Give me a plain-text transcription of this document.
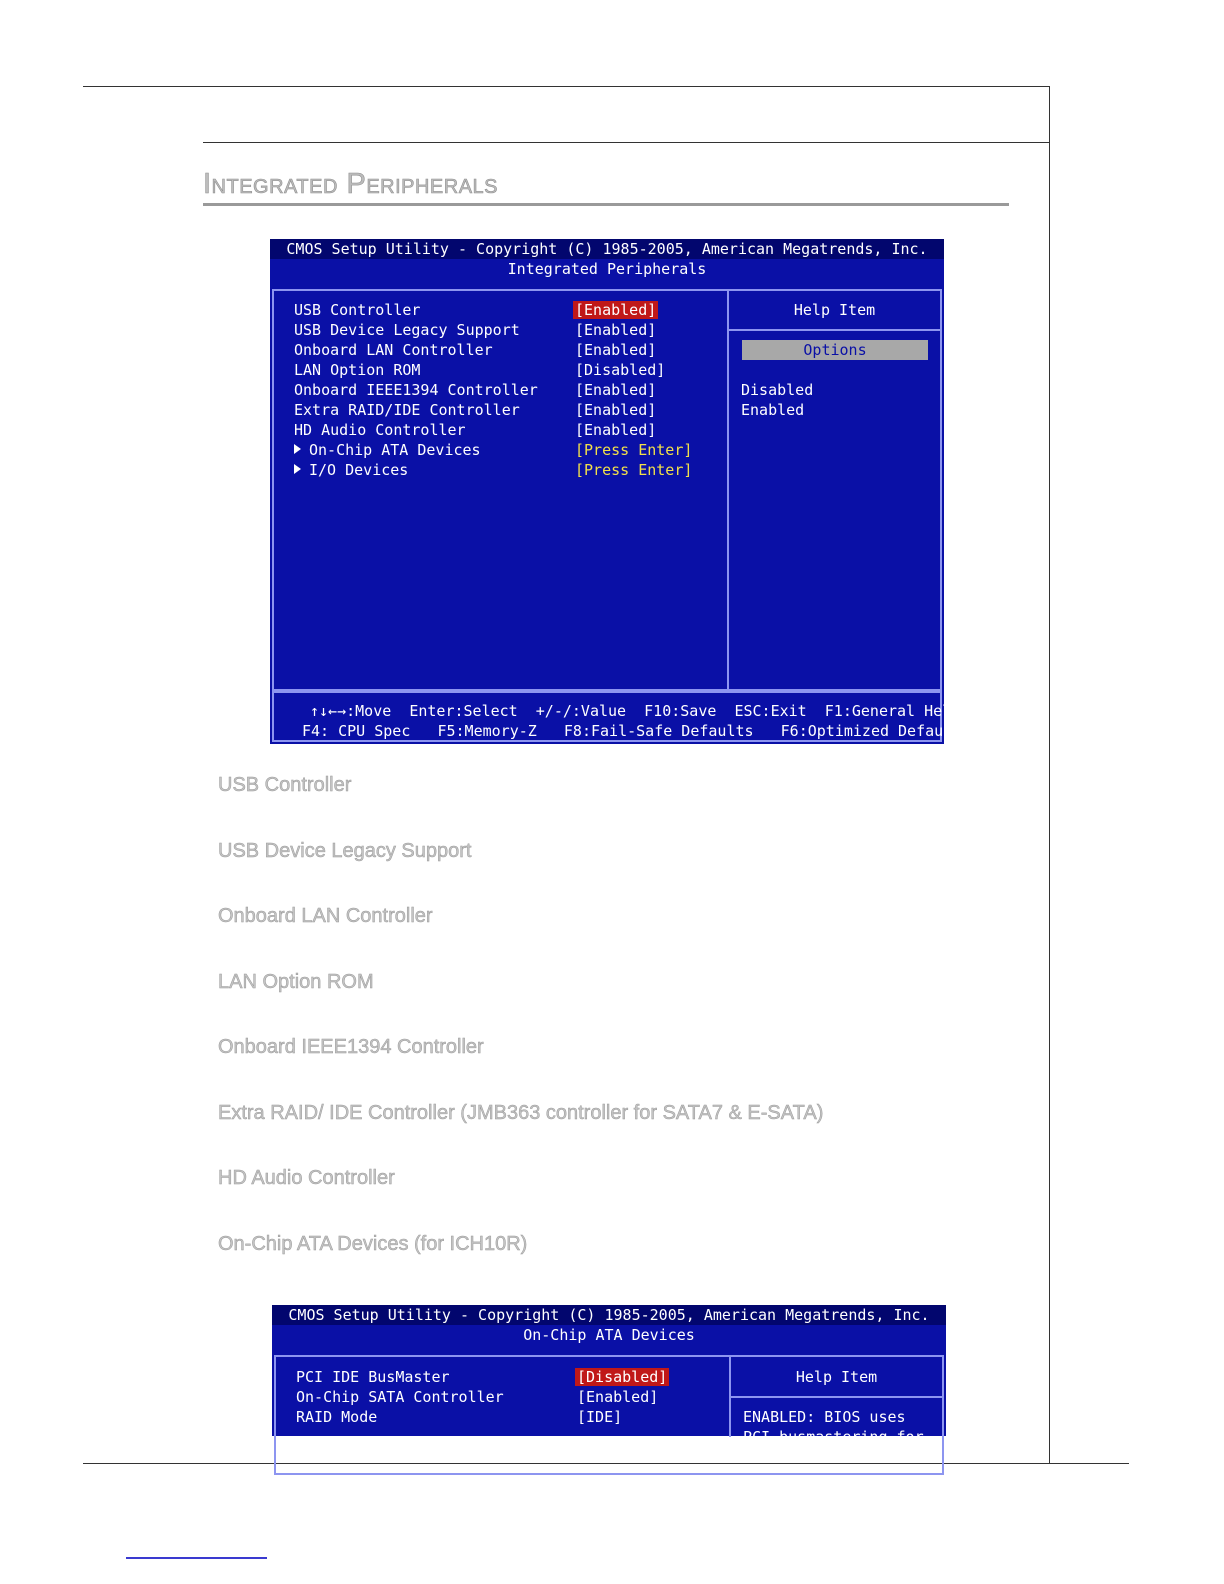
Integrated Peripherals
CMOS Setup Utility - Copyright (C) 1985-2005, American Megatrends, Inc.
Integrated Peripherals
USB Controller	[Enabled]
USB Device Legacy Support	[Enabled]
Onboard LAN Controller	[Enabled]
LAN Option ROM	[Disabled]
Onboard IEEE1394 Controller [Enabled]
Extra RAID/IDE Controller	[Enabled]
HD Audio Controller	[Enabled]
On-Chip ATA Devices	[Press Enter]
I/O Devices	[Press Enter]
Help Item
Options
Disabled
Enabled
↑↓←→:Move  Enter:Select  +/-/:Value  F10:Save  ESC:Exit  F1:General Help
F4: CPU Spec   F5:Memory-Z   F8:Fail-Safe Defaults   F6:Optimized Defaults
USB Controller
USB Device Legacy Support
Onboard LAN Controller
LAN Option ROM
Onboard IEEE1394 Controller
Extra RAID/ IDE Controller (JMB363 controller for SATA7 & E-SATA)
HD Audio Controller
On-Chip ATA Devices (for ICH10R)
CMOS Setup Utility - Copyright (C) 1985-2005, American Megatrends, Inc.
On-Chip ATA Devices
PCI IDE BusMaster	[Disabled]
On-Chip SATA Controller	[Enabled]
RAID Mode	[IDE]
Help Item
ENABLED: BIOS uses
PCI busmastering for
